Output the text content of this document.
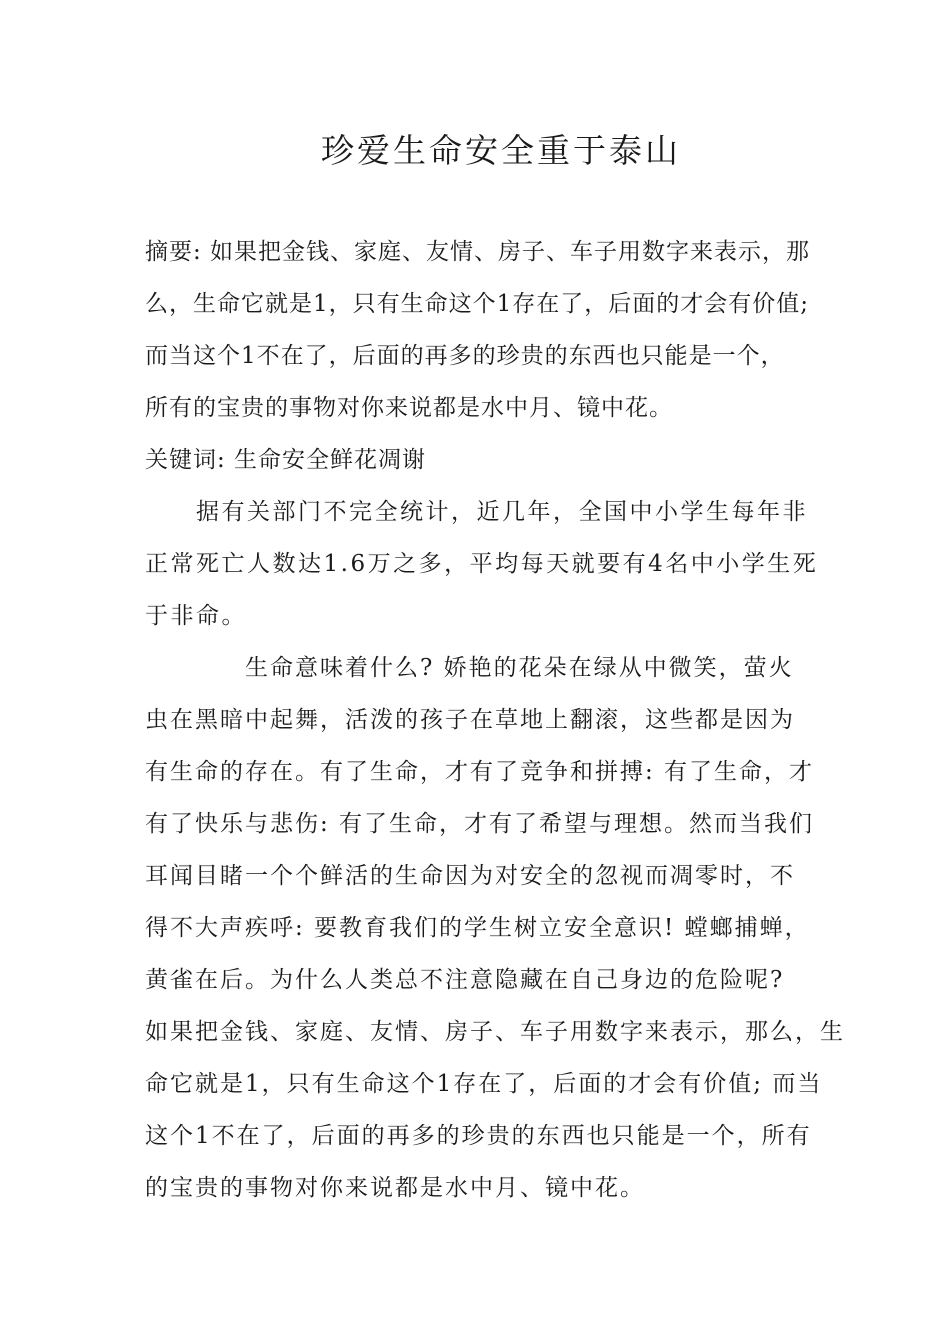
珍爱生命安全重于泰山
摘要: 如果把金钱、家庭、友情、房子、车子用数字来表示，那
么，生命它就是1，只有生命这个1存在了，后面的才会有价值;
而当这个1不在了，后面的再多的珍贵的东西也只能是一个，
所有的宝贵的事物对你来说都是水中月、镜中花。
关键词: 生命安全鲜花凋谢
　　据有关部门不完全统计，近几年，全国中小学生每年非
正常死亡人数达1.6万之多，平均每天就要有4名中小学生死
于非命。
　　　　生命意味着什么? 娇艳的花朵在绿从中微笑，萤火
虫在黑暗中起舞，活泼的孩子在草地上翻滚，这些都是因为
有生命的存在。有了生命，才有了竞争和拼搏: 有了生命，才
有了快乐与悲伤: 有了生命，才有了希望与理想。然而当我们
耳闻目睹一个个鲜活的生命因为对安全的忽视而凋零时，不
得不大声疾呼: 要教育我们的学生树立安全意识! 螳螂捕蝉，
黄雀在后。为什么人类总不注意隐藏在自己身边的危险呢?
如果把金钱、家庭、友情、房子、车子用数字来表示，那么，生
命它就是1，只有生命这个1存在了，后面的才会有价值; 而当
这个1不在了，后面的再多的珍贵的东西也只能是一个，所有
的宝贵的事物对你来说都是水中月、镜中花。
